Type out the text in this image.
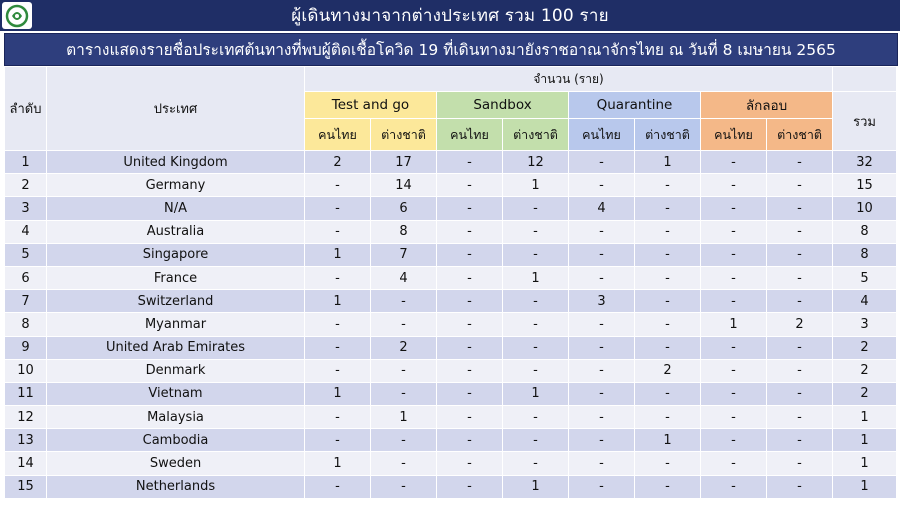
ผู้เดินทางมาจากต่างประเทศ รวม 100 ราย
ตารางแสดงรายชื่อประเทศต้นทางที่พบผู้ติดเชื้อโควิด 19 ที่เดินทางมายังราชอาณาจักรไทย ณ วันที่ 8 เมษายน 2565
ลำดับ	ประเทศ	จำนวน (ราย)								
		Test and go		Sandbox		Quarantine		ลักลอบ		รวม
		คนไทย	ต่างชาติ	คนไทย	ต่างชาติ	คนไทย	ต่างชาติ	คนไทย	ต่างชาติ	
1	United Kingdom	2	17	-	12	-	1	-	-	32
2	Germany	-	14	-	1	-	-	-	-	15
3	N/A	-	6	-	-	4	-	-	-	10
4	Australia	-	8	-	-	-	-	-	-	8
5	Singapore	1	7	-	-	-	-	-	-	8
6	France	-	4	-	1	-	-	-	-	5
7	Switzerland	1	-	-	-	3	-	-	-	4
8	Myanmar	-	-	-	-	-	-	1	2	3
9	United Arab Emirates	-	2	-	-	-	-	-	-	2
10	Denmark	-	-	-	-	-	2	-	-	2
11	Vietnam	1	-	-	1	-	-	-	-	2
12	Malaysia	-	1	-	-	-	-	-	-	1
13	Cambodia	-	-	-	-	-	1	-	-	1
14	Sweden	1	-	-	-	-	-	-	-	1
15	Netherlands	-	-	-	1	-	-	-	-	1
